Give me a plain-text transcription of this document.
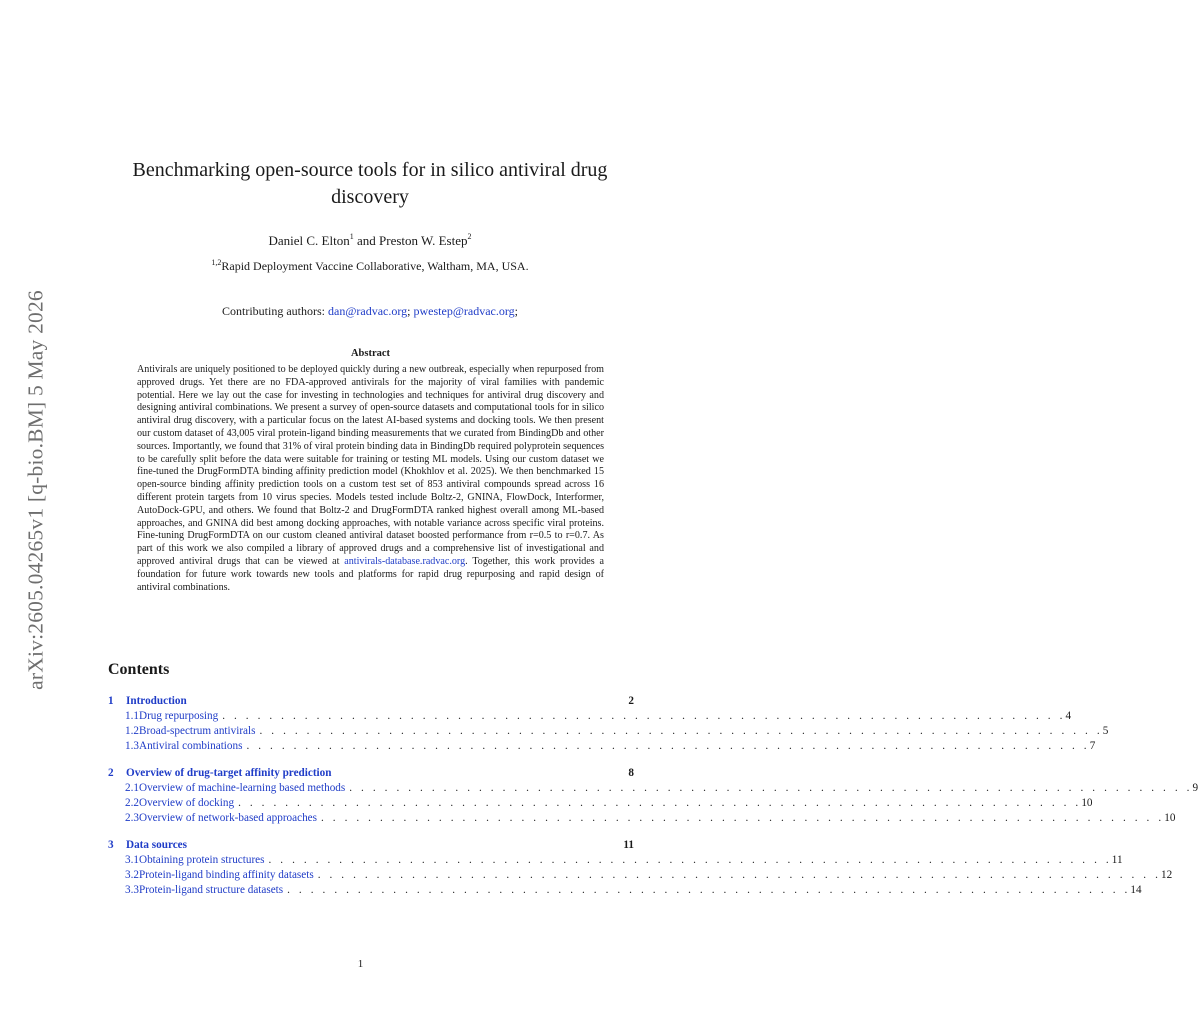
arXiv:2605.04265v1 [q-bio.BM] 5 May 2026
Benchmarking open-source tools for in silico antiviral drug discovery
Daniel C. Elton$^1$ and Preston W. Estep$^2$
$^{1,2}$Rapid Deployment Vaccine Collaborative, Waltham, MA, USA.
Contributing authors: dan@radvac.org; pwestep@radvac.org;
Abstract

Antivirals are uniquely positioned to be deployed quickly during a new outbreak, especially when repurposed from approved drugs. Yet there are no FDA-approved antivirals for the majority of viral families with pandemic potential. Here we lay out the case for investing in technologies and techniques for antiviral drug discovery and designing antiviral combinations. We present a survey of open-source datasets and computational tools for in silico antiviral drug discovery, with a particular focus on the latest AI-based systems and docking tools. We then present our custom dataset of 43,005 viral protein-ligand binding measurements that we curated from BindingDb and other sources. Importantly, we found that 31% of viral protein binding data in BindingDb required polyprotein sequences to be carefully split before the data were suitable for training or testing ML models. Using our custom dataset we fine-tuned the DrugFormDTA binding affinity prediction model (Khokhlov et al. 2025). We then benchmarked 15 open-source binding affinity prediction tools on a custom test set of 853 antiviral compounds spread across 16 different protein targets from 10 virus species. Models tested include Boltz-2, GNINA, FlowDock, Interformer, AutoDock-GPU, and others. We found that Boltz-2 and DrugFormDTA ranked highest overall among ML-based approaches, and GNINA did best among docking approaches, with notable variance across specific viral proteins. Fine-tuning DrugFormDTA on our custom cleaned antiviral dataset boosted performance from r=0.5 to r=0.7. As part of this work we also compiled a library of approved drugs and a comprehensive list of investigational and approved antiviral drugs that can be viewed at antivirals-database.radvac.org. Together, this work provides a foundation for future work towards new tools and platforms for rapid drug repurposing and rapid design of antiviral combinations.

Contents
1	Introduction	2
1.1 Drug repurposing . . . . . . . . . . . . . . . . . . . . . . . . . . . . . . . . . . . . . . . . . . . . . . . . . . . . . . . . . . . . . . . . . . . . . . . . 4
1.2 Broad-spectrum antivirals . . . . . . . . . . . . . . . . . . . . . . . . . . . . . . . . . . . . . . . . . . . . . . . . . . . . . . . . . . . . . . . . . . . . . . . . 5
1.3 Antiviral combinations . . . . . . . . . . . . . . . . . . . . . . . . . . . . . . . . . . . . . . . . . . . . . . . . . . . . . . . . . . . . . . . . . . . . . . . . 7
2	Overview of drug-target affinity prediction	8
2.1 Overview of machine-learning based methods . . . . . . . . . . . . . . . . . . . . . . . . . . . . . . . . . . . . . . . . . . . . . . . . . . . . . . . . . . . . . . . . . . . . . . . . 9
2.2 Overview of docking . . . . . . . . . . . . . . . . . . . . . . . . . . . . . . . . . . . . . . . . . . . . . . . . . . . . . . . . . . . . . . . . . . . . . . . . 10
2.3 Overview of network-based approaches . . . . . . . . . . . . . . . . . . . . . . . . . . . . . . . . . . . . . . . . . . . . . . . . . . . . . . . . . . . . . . . . . . . . . . . . 10
3	Data sources	11
3.1 Obtaining protein structures . . . . . . . . . . . . . . . . . . . . . . . . . . . . . . . . . . . . . . . . . . . . . . . . . . . . . . . . . . . . . . . . . . . . . . . . 11
3.2 Protein-ligand binding affinity datasets . . . . . . . . . . . . . . . . . . . . . . . . . . . . . . . . . . . . . . . . . . . . . . . . . . . . . . . . . . . . . . . . . . . . . . . . 12
3.3 Protein-ligand structure datasets . . . . . . . . . . . . . . . . . . . . . . . . . . . . . . . . . . . . . . . . . . . . . . . . . . . . . . . . . . . . . . . . . . . . . . . . 14
1
